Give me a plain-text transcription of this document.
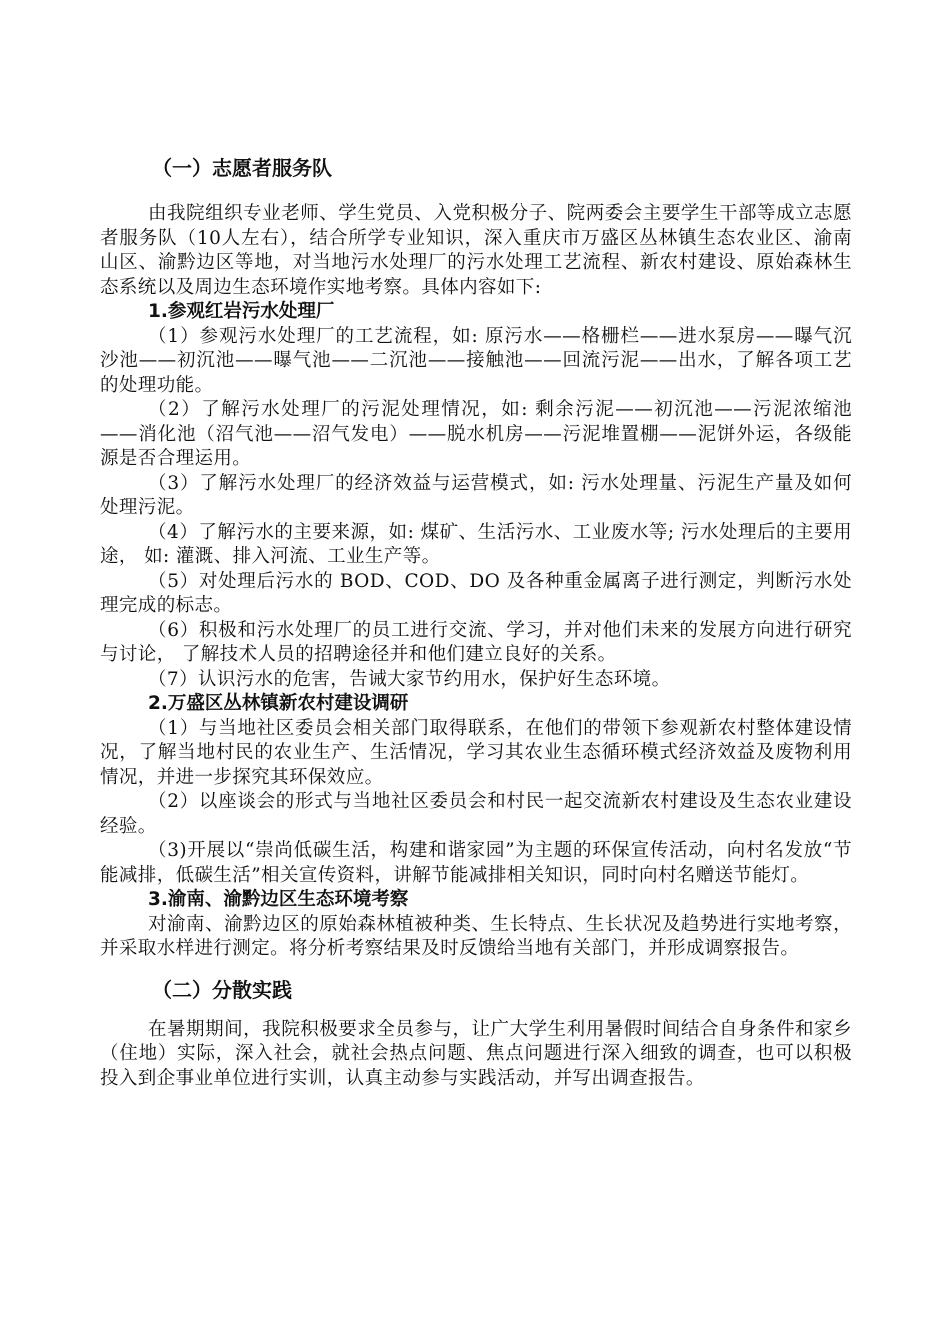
（一）志愿者服务队

由我院组织专业老师、学生党员、入党积极分子、院两委会主要学生干部等成立志愿者服务队（10人左右），结合所学专业知识，深入重庆市万盛区丛林镇生态农业区、渝南山区、渝黔边区等地，对当地污水处理厂的污水处理工艺流程、新农村建设、原始森林生态系统以及周边生态环境作实地考察。具体内容如下:

1.参观红岩污水处理厂

（1）参观污水处理厂的工艺流程，如: 原污水——格栅栏——进水泵房——曝气沉沙池——初沉池——曝气池——二沉池——接触池——回流污泥——出水，了解各项工艺的处理功能。

（2）了解污水处理厂的污泥处理情况，如: 剩余污泥——初沉池——污泥浓缩池——消化池（沼气池——沼气发电）——脱水机房——污泥堆置棚——泥饼外运，各级能源是否合理运用。

（3）了解污水处理厂的经济效益与运营模式，如: 污水处理量、污泥生产量及如何处理污泥。

（4）了解污水的主要来源，如: 煤矿、生活污水、工业废水等; 污水处理后的主要用途， 如: 灌溉、排入河流、工业生产等。

（5）对处理后污水的 BOD、COD、DO 及各种重金属离子进行测定，判断污水处理完成的标志。

（6）积极和污水处理厂的员工进行交流、学习，并对他们未来的发展方向进行研究与讨论， 了解技术人员的招聘途径并和他们建立良好的关系。

（7）认识污水的危害，告诫大家节约用水，保护好生态环境。

2.万盛区丛林镇新农村建设调研

（1）与当地社区委员会相关部门取得联系，在他们的带领下参观新农村整体建设情况，了解当地村民的农业生产、生活情况，学习其农业生态循环模式经济效益及废物利用情况，并进一步探究其环保效应。

（2）以座谈会的形式与当地社区委员会和村民一起交流新农村建设及生态农业建设经验。

（3)开展以“崇尚低碳生活，构建和谐家园”为主题的环保宣传活动，向村名发放“节能减排，低碳生活”相关宣传资料，讲解节能减排相关知识，同时向村名赠送节能灯。

3.渝南、渝黔边区生态环境考察

对渝南、渝黔边区的原始森林植被种类、生长特点、生长状况及趋势进行实地考察，并采取水样进行测定。将分析考察结果及时反馈给当地有关部门，并形成调察报告。

（二）分散实践

在暑期期间，我院积极要求全员参与，让广大学生利用暑假时间结合自身条件和家乡（住地）实际，深入社会，就社会热点问题、焦点问题进行深入细致的调查，也可以积极投入到企事业单位进行实训，认真主动参与实践活动，并写出调查报告。
